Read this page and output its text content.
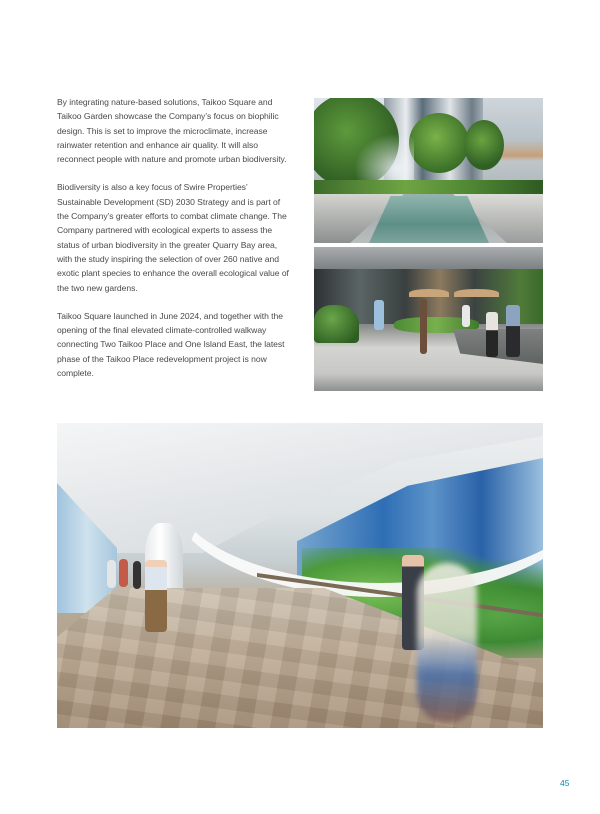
By integrating nature-based solutions, Taikoo Square and Taikoo Garden showcase the Company’s focus on biophilic design. This is set to improve the microclimate, increase rainwater retention and enhance air quality. It will also reconnect people with nature and promote urban biodiversity.

Biodiversity is also a key focus of Swire Properties’ Sustainable Development (SD) 2030 Strategy and is part of the Company’s greater efforts to combat climate change. The Company partnered with ecological experts to assess the status of urban biodiversity in the greater Quarry Bay area, with the study inspiring the selection of over 260 native and exotic plant species to enhance the overall ecological value of the two new gardens.

Taikoo Square launched in June 2024, and together with the opening of the final elevated climate-controlled walkway connecting Two Taikoo Place and One Island East, the latest phase of the Taikoo Place redevelopment project is now complete.

45
